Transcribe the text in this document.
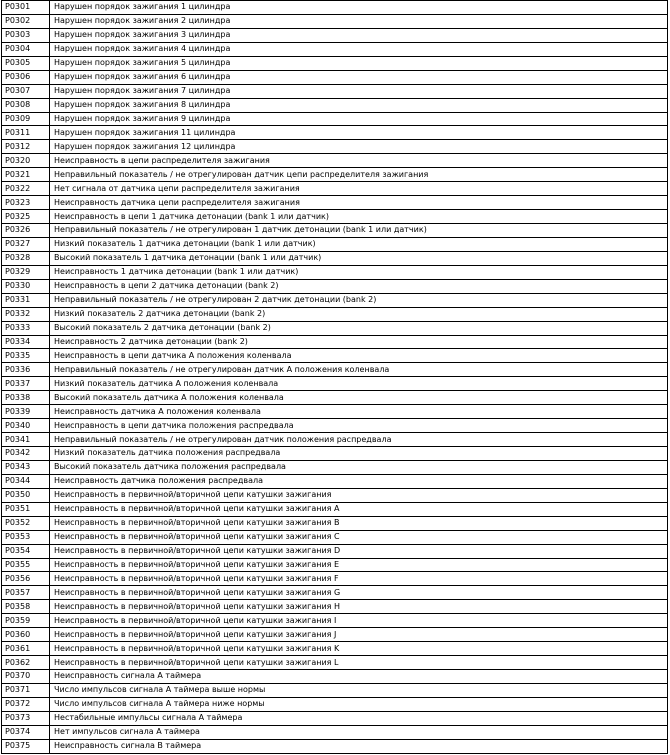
P0301	Нарушен порядок зажигания 1 цилиндра
P0302	Нарушен порядок зажигания 2 цилиндра
P0303	Нарушен порядок зажигания 3 цилиндра
P0304	Нарушен порядок зажигания 4 цилиндра
P0305	Нарушен порядок зажигания 5 цилиндра
P0306	Нарушен порядок зажигания 6 цилиндра
P0307	Нарушен порядок зажигания 7 цилиндра
P0308	Нарушен порядок зажигания 8 цилиндра
P0309	Нарушен порядок зажигания 9 цилиндра
P0311	Нарушен порядок зажигания 11 цилиндра
P0312	Нарушен порядок зажигания 12 цилиндра
P0320	Неисправность в цепи распределителя зажигания
P0321	Неправильный показатель / не отрегулирован датчик цепи распределителя зажигания
P0322	Нет сигнала от датчика цепи распределителя зажигания
P0323	Неисправность датчика цепи распределителя зажигания
P0325	Неисправность в цепи 1 датчика детонации (bank 1 или датчик)
P0326	Неправильный показатель / не отрегулирован 1 датчик детонации (bank 1 или датчик)
P0327	Низкий показатель 1 датчика детонации (bank 1 или датчик)
P0328	Высокий показатель 1 датчика детонации (bank 1 или датчик)
P0329	Неисправность 1 датчика детонации (bank 1 или датчик)
P0330	Неисправность в цепи 2 датчика детонации (bank 2)
P0331	Неправильный показатель / не отрегулирован 2 датчик детонации (bank 2)
P0332	Низкий показатель 2 датчика детонации (bank 2)
P0333	Высокий показатель 2 датчика детонации (bank 2)
P0334	Неисправность 2 датчика детонации (bank 2)
P0335	Неисправность в цепи датчика А положения коленвала
P0336	Неправильный показатель / не отрегулирован датчик А положения коленвала
P0337	Низкий показатель датчика А положения коленвала
P0338	Высокий показатель датчика А положения коленвала
P0339	Неисправность датчика А положения коленвала
P0340	Неисправность в цепи датчика положения распредвала
P0341	Неправильный показатель / не отрегулирован датчик положения распредвала
P0342	Низкий показатель датчика положения распредвала
P0343	Высокий показатель датчика положения распредвала
P0344	Неисправность датчика положения распредвала
P0350	Неисправность в первичной/вторичной цепи катушки зажигания
P0351	Неисправность в первичной/вторичной цепи катушки зажигания A
P0352	Неисправность в первичной/вторичной цепи катушки зажигания B
P0353	Неисправность в первичной/вторичной цепи катушки зажигания C
P0354	Неисправность в первичной/вторичной цепи катушки зажигания D
P0355	Неисправность в первичной/вторичной цепи катушки зажигания E
P0356	Неисправность в первичной/вторичной цепи катушки зажигания F
P0357	Неисправность в первичной/вторичной цепи катушки зажигания G
P0358	Неисправность в первичной/вторичной цепи катушки зажигания H
P0359	Неисправность в первичной/вторичной цепи катушки зажигания I
P0360	Неисправность в первичной/вторичной цепи катушки зажигания J
P0361	Неисправность в первичной/вторичной цепи катушки зажигания K
P0362	Неисправность в первичной/вторичной цепи катушки зажигания L
P0370	Неисправность сигнала А таймера
P0371	Число импульсов сигнала А таймера выше нормы
P0372	Число импульсов сигнала А таймера ниже нормы
P0373	Нестабильные импульсы сигнала А таймера
P0374	Нет импульсов сигнала А таймера
P0375	Неисправность сигнала B таймера
